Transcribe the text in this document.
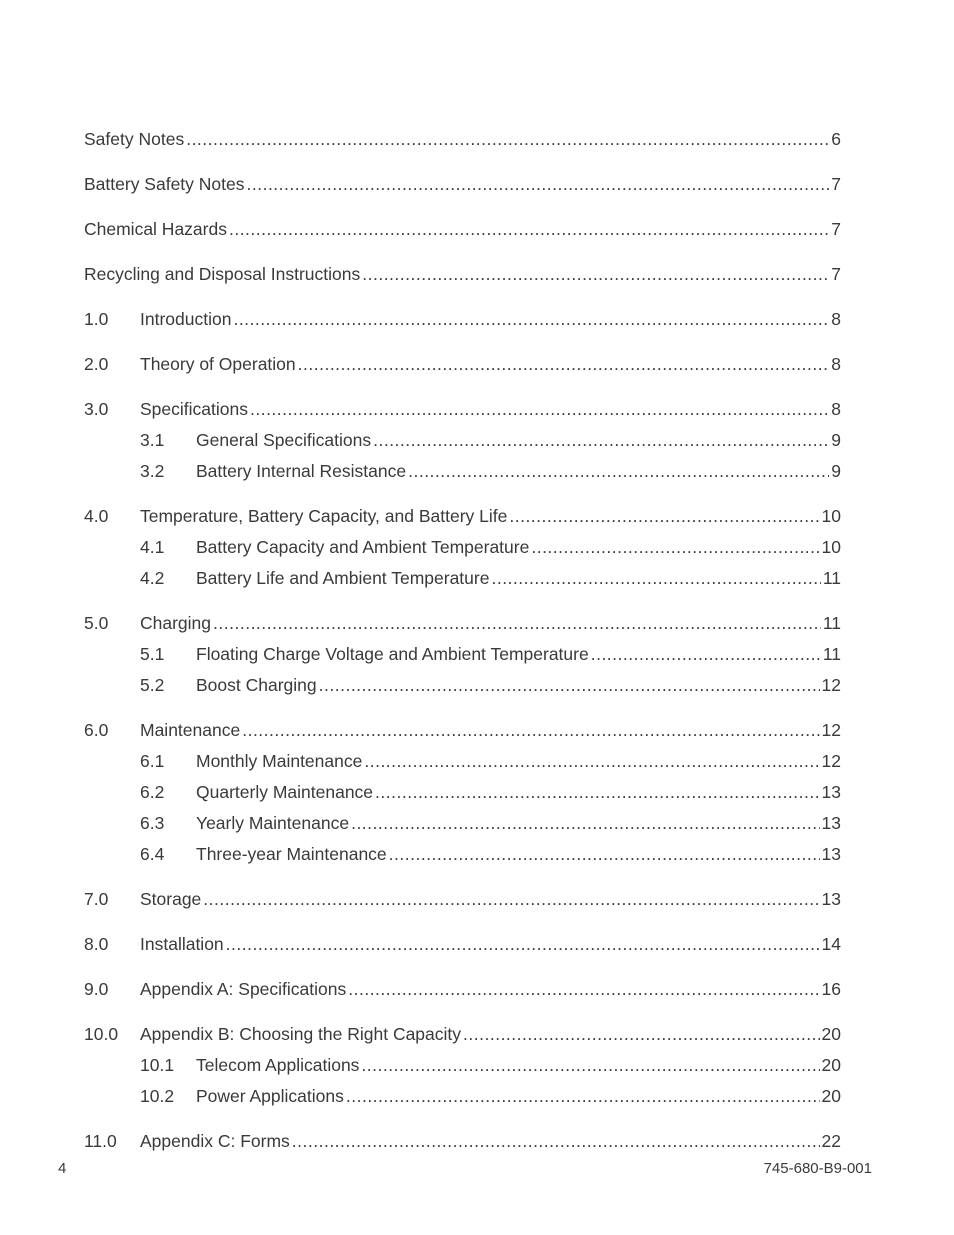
Safety Notes .....	6
Battery Safety Notes .....	7
Chemical Hazards .....	7
Recycling and Disposal Instructions .....	7
1.0	Introduction .....	8
2.0	Theory of Operation .....	8
3.0	Specifications .....	8
3.1	General Specifications .....	9
3.2	Battery Internal Resistance .....	9
4.0	Temperature, Battery Capacity, and Battery Life .....	10
4.1	Battery Capacity and Ambient Temperature .....	10
4.2	Battery Life and Ambient Temperature .....	11
5.0	Charging .....	11
5.1	Floating Charge Voltage and Ambient Temperature .....	11
5.2	Boost Charging .....	12
6.0	Maintenance .....	12
6.1	Monthly Maintenance .....	12
6.2	Quarterly Maintenance .....	13
6.3	Yearly Maintenance .....	13
6.4	Three-year Maintenance .....	13
7.0	Storage .....	13
8.0	Installation .....	14
9.0	Appendix A: Specifications .....	16
10.0	Appendix B: Choosing the Right Capacity .....	20
10.1	Telecom Applications .....	20
10.2	Power Applications .....	20
11.0	Appendix C: Forms .....	22
4	745-680-B9-001
